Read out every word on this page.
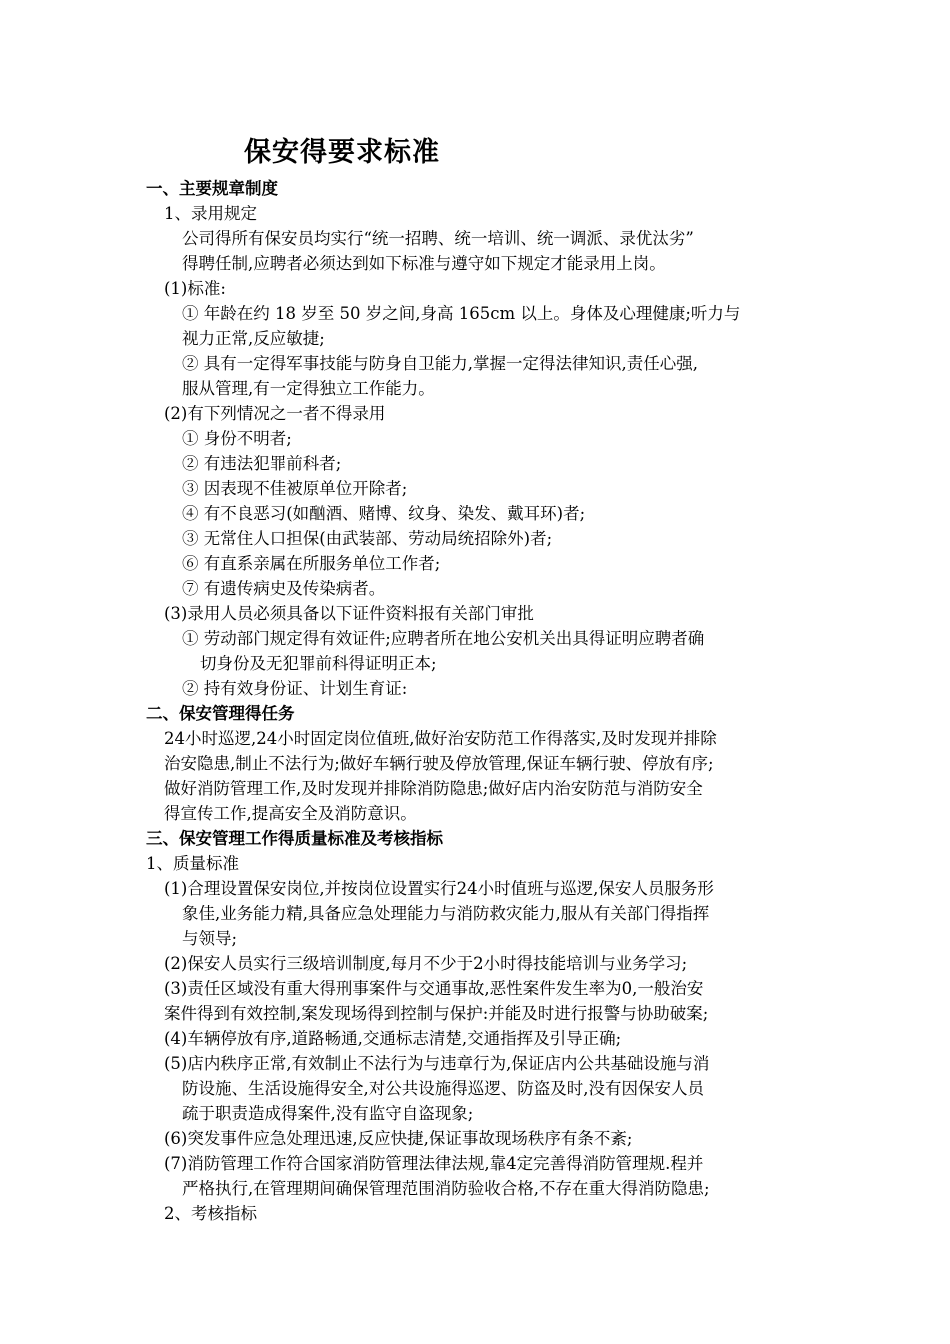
保安得要求标准
一、主要规章制度
1、录用规定
公司得所有保安员均实行“统一招聘、统一培训、统一调派、录优汰劣”
得聘任制,应聘者必须达到如下标准与遵守如下规定才能录用上岗。
(1)标准:
① 年龄在约 18 岁至 50 岁之间,身高 165cm 以上。身体及心理健康;听力与
视力正常,反应敏捷;
② 具有一定得军事技能与防身自卫能力,掌握一定得法律知识,责任心强,
服从管理,有一定得独立工作能力。
(2)有下列情况之一者不得录用
① 身份不明者;
② 有违法犯罪前科者;
③ 因表现不佳被原单位开除者;
④ 有不良恶习(如酗酒、赌博、纹身、染发、戴耳环)者;
③ 无常住人口担保(由武装部、劳动局统招除外)者;
⑥ 有直系亲属在所服务单位工作者;
⑦ 有遗传病史及传染病者。
(3)录用人员必须具备以下证件资料报有关部门审批
① 劳动部门规定得有效证件;应聘者所在地公安机关出具得证明应聘者确
切身份及无犯罪前科得证明正本;
② 持有效身份证、计划生育证:
二、保安管理得任务
24小时巡逻,24小时固定岗位值班,做好治安防范工作得落实,及时发现并排除
治安隐患,制止不法行为;做好车辆行驶及停放管理,保证车辆行驶、停放有序;
做好消防管理工作,及时发现并排除消防隐患;做好店内治安防范与消防安全
得宣传工作,提高安全及消防意识。
三、保安管理工作得质量标准及考核指标
1、质量标准
(1)合理设置保安岗位,并按岗位设置实行24小时值班与巡逻,保安人员服务形
象佳,业务能力精,具备应急处理能力与消防救灾能力,服从有关部门得指挥
与领导;
(2)保安人员实行三级培训制度,每月不少于2小时得技能培训与业务学习;
(3)责任区域没有重大得刑事案件与交通事故,恶性案件发生率为0,一般治安
案件得到有效控制,案发现场得到控制与保护:并能及时进行报警与协助破案;
(4)车辆停放有序,道路畅通,交通标志清楚,交通指挥及引导正确;
(5)店内秩序正常,有效制止不法行为与违章行为,保证店内公共基础设施与消
防设施、生活设施得安全,对公共设施得巡逻、防盗及时,没有因保安人员
疏于职责造成得案件,没有监守自盗现象;
(6)突发事件应急处理迅速,反应快捷,保证事故现场秩序有条不紊;
(7)消防管理工作符合国家消防管理法律法规,靠4定完善得消防管理规.程并
严格执行,在管理期间确保管理范围消防验收合格,不存在重大得消防隐患;
2、考核指标
